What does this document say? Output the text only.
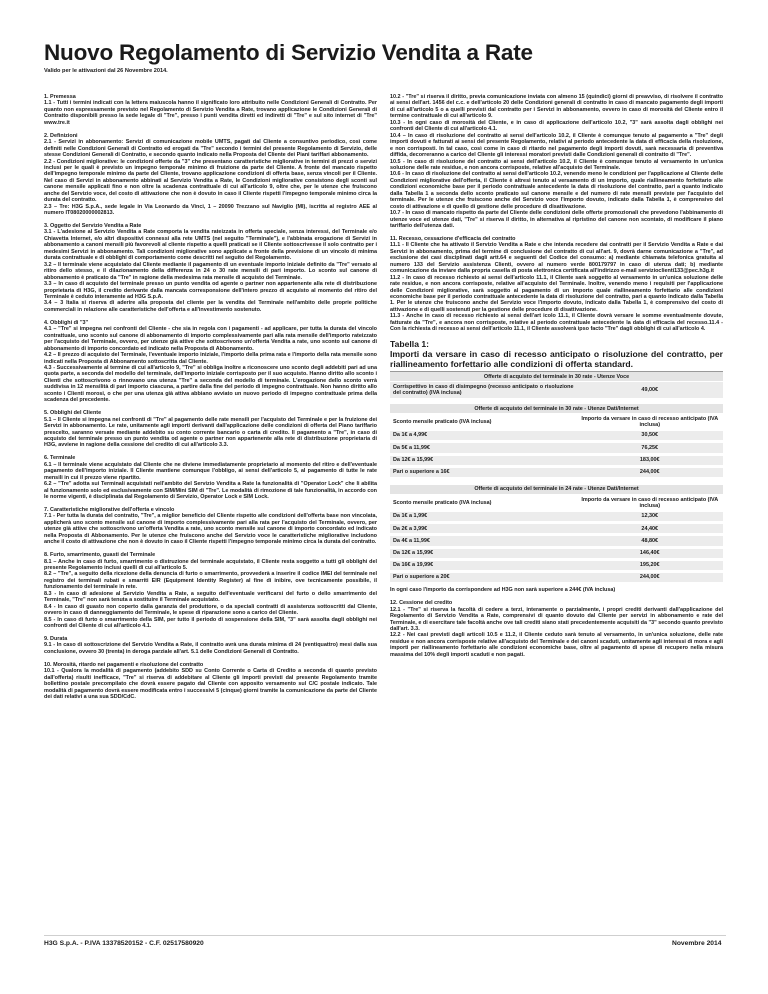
Nuovo Regolamento di Servizio Vendita a Rate
Valido per le attivazioni dal 26 Novembre 2014.
1. Premessa

1.1 - Tutti i termini indicati con la lettera maiuscola hanno il significato loro attribuito nelle Condizioni Generali di Contratto. Per quanto non espressamente previsto nel Regolamento di Servizio Vendita a Rate, trovano applicazione le Condizioni Generali di Contratto disponibili presso la sede legale di "Tre", presso i punti vendita diretti ed indiretti di "Tre" e sul sito internet di "Tre" www.tre.it

2. Definizioni

2.1 - Servizi in abbonamento: Servizi di comunicazione mobile UMTS, pagati dal Cliente a consuntivo periodico, così come definiti nelle Condizioni Generali di Contratto ed erogati da "Tre" secondo i termini del presente Regolamento di Servizio, delle stesse Condizioni Generali di Contratto, e secondo quanto indicato nella Proposta del Cliente dei Piani tariffari abbonamento.

2.2 - Condizioni migliorative: le condizioni offerte da "3" che presentano caratteristiche migliorative in termini di prezzi o servizi inclusi per le quali è previsto un impegno temporale minimo di fruizione da parte del Cliente. A fronte del mancato rispetto dell'impegno temporale minimo da parte del Cliente, trovano applicazione condizioni di offerta base, senza vincoli per il Cliente. Nel caso di Servizi in abbonamento abbinati al Servizio Vendita a Rate, le Condizioni migliorative consistono degli sconti sul canone mensile applicati fino e non oltre la scadenza contrattuale di cui all'articolo 9, oltre che, per le utenze che fruiscono anche del Servizio voce, del costo di attivazione che non è dovuto in caso il Cliente rispetti l'impegno temporale minimo circa la durata del contratto.

2.3 – Tre: H3G S.p.A., sede legale in Via Leonardo da Vinci, 1 – 20090 Trezzano sul Naviglio (MI), iscritta al registro AEE al numero IT08020000002813.

3. Oggetto del Servizio Vendita a Rate

3.1 - L'adesione al Servizio Vendita a Rate comporta la vendita rateizzata in offerta speciale, senza interessi, del Terminale e/o Chiavetta Internet, e/o altri dispositivi connessi alla rete UMTS (nel seguito "Terminale"), e l'abbinata erogazione di Servizi in abbonamento a canoni mensili più favorevoli al cliente rispetto a quelli praticati se il Cliente sottoscrivesse il solo contratto per i medesimi Servizi in abbonamento. Tali condizioni migliorative sono applicate a fronte della previsione di un vincolo di minima durata contrattuale e di obblighi di comportamento come descritti nel seguito del Regolamento.

3.2 – Il terminale viene acquistato dal Cliente mediante il pagamento di un eventuale importo iniziale definito da "Tre" versato al ritiro dello stesso, e il dilazionamento della differenza in 24 o 30 rate mensili di pari importo. Lo sconto sul canone di abbonamento è praticato da "Tre" in ragione della medesima rata mensile di acquisto del Terminale.

3.3 – In caso di acquisto del terminale presso un punto vendita od agente o partner non appartenente alla rete di distribuzione proprietaria di H3G, il credito derivante dalla mancata corresponsione dell'intero prezzo di acquisto al momento del ritiro del Terminale è ceduto interamente ad H3G S.p.A.

3.4 – 3 Italia si riserva di aderire alla proposta del cliente per la vendita del Terminale nell'ambito delle proprie politiche commerciali in relazione alle caratteristiche dell'offerta e all'investimento sostenuto.

4. Obblighi di "3"

4.1 – "Tre" si impegna nei confronti del Cliente - che sia in regola con i pagamenti - ad applicare, per tutta la durata del vincolo contrattuale, uno sconto sul canone di abbonamento di importo complessivamente pari alla rata mensile dell'importo rateizzato per l'acquisto del Terminale, ovvero, per utenze già attive che sottoscrivono un'offerta Vendita a rate, uno sconto sul canone di abbonamento di importo concordato ed indicato nella Proposta di Abbonamento.

4.2 – Il prezzo di acquisto del Terminale, l'eventuale importo iniziale, l'importo della prima rata e l'importo della rata mensile sono indicati nella Proposta di Abbonamento sottoscritta dal Cliente.

4.3 - Successivamente al termine di cui all'articolo 9, "Tre" si obbliga inoltre a riconoscere uno sconto degli addebiti pari ad una quota parte, a seconda del modello del terminale, dell'importo iniziale corrisposto per il suo acquisto. Hanno diritto allo sconto i Clienti che sottoscrivono o rinnovano una utenza "Tre" a seconda del modello di terminale. L'erogazione dello sconto verrà suddivisa in 12 mensilità di pari importo ciascuna, a partire dalla fine del periodo di impegno contrattuale. Non hanno diritto allo sconto i Clienti morosi, o che per una utenza già attiva abbiano avviato un nuovo periodo di impegno contrattuale prima della scadenza del precedente.

5. Obblighi del Cliente

5.1 – Il Cliente si impegna nei confronti di "Tre" al pagamento delle rate mensili per l'acquisto del Terminale e per la fruizione dei Servizi in abbonamento. Le rate, unitamente agli importi derivanti dall'applicazione delle condizioni di offerta del Piano tariffario prescelto, saranno versate mediante addebito su conto corrente bancario o carta di credito. Il pagamento a "Tre", in caso di acquisto del terminale presso un punto vendita od agente o partner non appartenente alla rete di distribuzione proprietaria di H3G, avviene in ragione della cessione del credito di cui all'articolo 3.3.

6. Terminale

6.1 – Il terminale viene acquistato dal Cliente che ne diviene immediatamente proprietario al momento del ritiro e dell'eventuale pagamento dell'importo iniziale. Il Cliente mantiene comunque l'obbligo, ai sensi dell'articolo 5, al pagamento di tutte le rate mensili in cui il prezzo viene ripartito.

6.2 – "Tre" adotta sui Terminali acquistati nell'ambito del Servizio Vendita a Rate la funzionalità di "Operator Lock" che li abilita al funzionamento solo ed esclusivamente con SIM/Mini SIM di "Tre". Le modalità di rimozione di tale funzionalità, in accordo con le norme vigenti, è disciplinata dal Regolamento di Servizio, Operator Lock e SIM Lock.

7. Caratteristiche migliorative dell'offerta e vincolo

7.1 - Per tutta la durata del contratto, "Tre", a miglior beneficio del Cliente rispetto alle condizioni dell'offerta base non vincolata, applicherà uno sconto mensile sul canone di importo complessivamente pari alla rata per l'acquisto del Terminale, ovvero, per utenze già attive che sottoscrivono un'offerta Vendita a rate, uno sconto mensile sul canone di importo concordato ed indicato nella Proposta di Abbonamento. Per le utenze che fruiscono anche del Servizio voce le caratteristiche migliorative includono anche il costo di attivazione che non è dovuto in caso il Cliente rispetti l'impegno temporale minimo circa la durata del contratto.

8. Furto, smarrimento, guasti del Terminale

8.1 – Anche in caso di furto, smarrimento o distruzione del terminale acquistato, il Cliente resta soggetto a tutti gli obblighi del presente Regolamento inclusi quelli di cui all'articolo 5.

8.2 – "Tre", a seguito della ricezione della denuncia di furto o smarrimento, provvederà a inserire il codice IMEI del terminale nel registro dei terminali rubati e smarriti EIR (Equipment Identity Register) al fine di inibire, ove tecnicamente possibile, il funzionamento del terminale in rete.

8.3 - In caso di adesione al Servizio Vendita a Rate, a seguito dell'eventuale verificarsi del furto o dello smarrimento del Terminale, "Tre" non sarà tenuta a sostituire il Terminale acquistato.

8.4 - In caso di guasto non coperto dalla garanzia del produttore, o da speciali contratti di assistenza sottoscritti dal Cliente, ovvero in caso di danneggiamento del Terminale, le spese di riparazione sono a carico del Cliente.

8.5 - In caso di furto o smarrimento della SIM, per tutto il periodo di sospensione della SIM, "3" sarà assolta dagli obblighi nei confronti del Cliente di cui all'articolo 4.1.

9. Durata

9.1 - In caso di sottoscrizione del Servizio Vendita a Rate, il contratto avrà una durata minima di 24 (ventiquattro) mesi dalla sua conclusione, ovvero 30 (trenta) in deroga parziale all'art. 5.1 delle Condizioni Generali di Contratto.

10. Morosità, ritardo nei pagamenti e risoluzione del contratto

10.1 - Qualora la modalità di pagamento (addebito SDD su Conto Corrente o Carta di Credito a seconda di quanto previsto dall'offerta) risulti inefficace, "Tre" si riserva di addebitare al Cliente gli importi previsti dal presente Regolamento tramite bollettino postale precompilato che dovrà essere pagato dal Cliente con apposito versamento sul C/C postale indicato. Tale modalità di pagamento dovrà essere modificata entro i successivi 5 (cinque) giorni tramite la comunicazione da parte del Cliente dei dati relativi a una sua SDD/CdC.

10.2 - "Tre" si riserva il diritto, previa comunicazione inviata con almeno 15 (quindici) giorni di preavviso, di risolvere il contratto ai sensi dell'art. 1456 del c.c. e dell'articolo 20 delle Condizioni generali di contratto in caso di mancato pagamento degli importi di cui all'articolo 5 o a quelli previsti dal contratto per i Servizi in abbonamento, ovvero in caso di morosità del Cliente entro il termine contrattuale di cui all'articolo 9.

10.3 - In ogni caso di morosità del Cliente, e in caso di applicazione dell'articolo 10.2, "3" sarà assolta dagli obblighi nei confronti del Cliente di cui all'articolo 4.1.

10.4 – In caso di risoluzione del contratto ai sensi dell'articolo 10.2, il Cliente è comunque tenuto al pagamento a "Tre" degli importi dovuti e fatturati ai sensi del presente Regolamento, relativi al periodo antecedente la data di efficacia della risoluzione, e non corrisposti. In tal caso, così come in caso di ritardo nel pagamento degli importi dovuti, sarà necessaria di preventiva diffida, decorreranno a carico del Cliente gli interessi moratori previsti dalle Condizioni generali di contratto di "Tre".

10.5 - In caso di risoluzione del contratto ai sensi dell'articolo 10.2, il Cliente è comunque tenuto al versamento in un'unica soluzione delle rate residue, e non ancora corrisposte, relative all'acquisto del Terminale.

10.6 - In caso di risoluzione del contratto ai sensi dell'articolo 10.2, venendo meno le condizioni per l'applicazione al Cliente delle Condizioni migliorative dell'offerta, il Cliente è altresì tenuto al versamento di un importo, quale riallineamento forfettario alle condizioni economiche base per il periodo contrattuale antecedente la data di risoluzione del contratto, pari a quanto indicato dalla Tabella 1 a seconda dello sconto praticato sul canone mensile e del numero di rate mensili previste per l'acquisto del terminale. Per le utenze che fruiscono anche del Servizio voce l'importo dovuto, indicato dalla Tabella 1, è comprensivo del costo di attivazione e di quello di gestione delle procedure di disattivazione.

10.7 - In caso di mancato rispetto da parte del Cliente delle condizioni delle offerte promozionali che prevedono l'abbinamento di utenze voce ed utenze dati, "Tre" si riserva il diritto, in alternativa al ripristino del canone non scontato, di modificare il piano tariffario dell'utenza dati.

11. Recesso, cessazione d'efficacia del contratto

11.1 - Il Cliente che ha attivato il Servizio Vendita a Rate e che intenda recedere dai contratti per il Servizio Vendita a Rate e dai Servizi in abbonamento, prima del termine di conclusione del contratto di cui all'art. 9, dovrà darne comunicazione a "Tre", ad esclusione dei casi disciplinati dagli artt.64 e seguenti del Codice del consumo: a) mediante chiamata telefonica gratuita al numero 133 del Servizio assistenza Clienti, ovvero al numero verde 800179797 in caso di utenza dati; b) mediante comunicazione da inviare dalla propria casella di posta elettronica certificata all'indirizzo e-mail servizioclienti133@pec.h3g.it

11.2 - In caso di recesso richiesto ai sensi dell'articolo 11.1, il Cliente sarà soggetto al versamento in un'unica soluzione delle rate residue, e non ancora corrisposte, relative all'acquisto del Terminale. Inoltre, venendo meno i requisiti per l'applicazione delle Condizioni migliorative, sarà soggetto al pagamento di un importo quale riallineamento forfettario alle condizioni economiche base per il periodo contrattuale antecedente la data di risoluzione del contratto, pari a quanto indicato dalla Tabella 1. Per le utenze che fruiscono anche del Servizio voce l'importo dovuto, indicato dalla Tabella 1, è comprensivo del costo di attivazione e di quelli sostenuti per la gestione delle procedure di disattivazione.

11.3 - Anche in caso di recesso richiesto ai sensi dell'art icolo 11.1, il Cliente dovrà versare le somme eventualmente dovute, fatturate da "Tre", e ancora non corrisposte, relative al periodo contrattuale antecedente la data di efficacia del recesso.11.4 - Con la richiesta di recesso ai sensi dell'articolo 11.1, il Cliente assolverà ipso facto "Tre" dagli obblighi di cui all'articolo 4.

Tabella 1:
Importi da versare in caso di recesso anticipato o risoluzione del contratto, per riallineamento forfettario alle condizioni di offerta standard.
Offerte di acquisto del terminale in 30 rate - Utenze Voce	
Corrispettivo in caso di disimpegno (recesso anticipato o risoluzione del contratto) (IVA inclusa)	49,00€

Offerte di acquisto del terminale in 30 rate - Utenze Dati/Internet	
Sconto mensile praticato (IVA inclusa)	Importo da versare in caso di recesso anticipato (IVA inclusa)
Da 1€ a 4,99€	30,50€

Da 5€ a 11,99€	76,25€

Da 12€ a 15,99€	183,00€

Pari o superiore a 16€	244,00€

Offerte di acquisto del terminale in 24 rate - Utenze Dati/Internet	
Sconto mensile praticato (IVA inclusa)	Importo da versare in caso di recesso anticipato (IVA inclusa)
Da 1€ a 1,99€	12,30€

Da 2€ a 3,99€	24,40€

Da 4€ a 11,99€	48,80€

Da 12€ a 15,99€	146,40€

Da 16€ a 19,99€	195,20€

Pari o superiore a 20€	244,00€

In ogni caso l'importo da corrispondere ad H3G non sarà superiore a 244€ (IVA inclusa)
12. Cessione del credito

12.1 - "Tre" si riserva la facoltà di cedere a terzi, interamente o parzialmente, i propri crediti derivanti dall'applicazione del Regolamento di Servizio Vendita a Rate, comprensivi di quanto dovuto dal Cliente per servizi in abbonamento e rate del Terminale, e di esercitare tale facoltà anche ove tali crediti siano stati precedentemente acquisiti da "3" secondo quanto previsto dall'art. 3.3.

12.2 - Nei casi previsti dagli articoli 10.5 e 11.2, il Cliente ceduto sarà tenuto al versamento, in un'unica soluzione, delle rate residue e non ancora corrisposte relative all'acquisto del Terminale e dei canoni scaduti, unitamente agli interessi di mora e agli importi per riallineamento forfettario alle condizioni economiche base, oltre al pagamento di spese di recupero nella misura massima del 10% degli importi scaduti e non pagati.

H3G S.p.A. - P.IVA 13378520152 - C.F. 02517580920	Novembre 2014
